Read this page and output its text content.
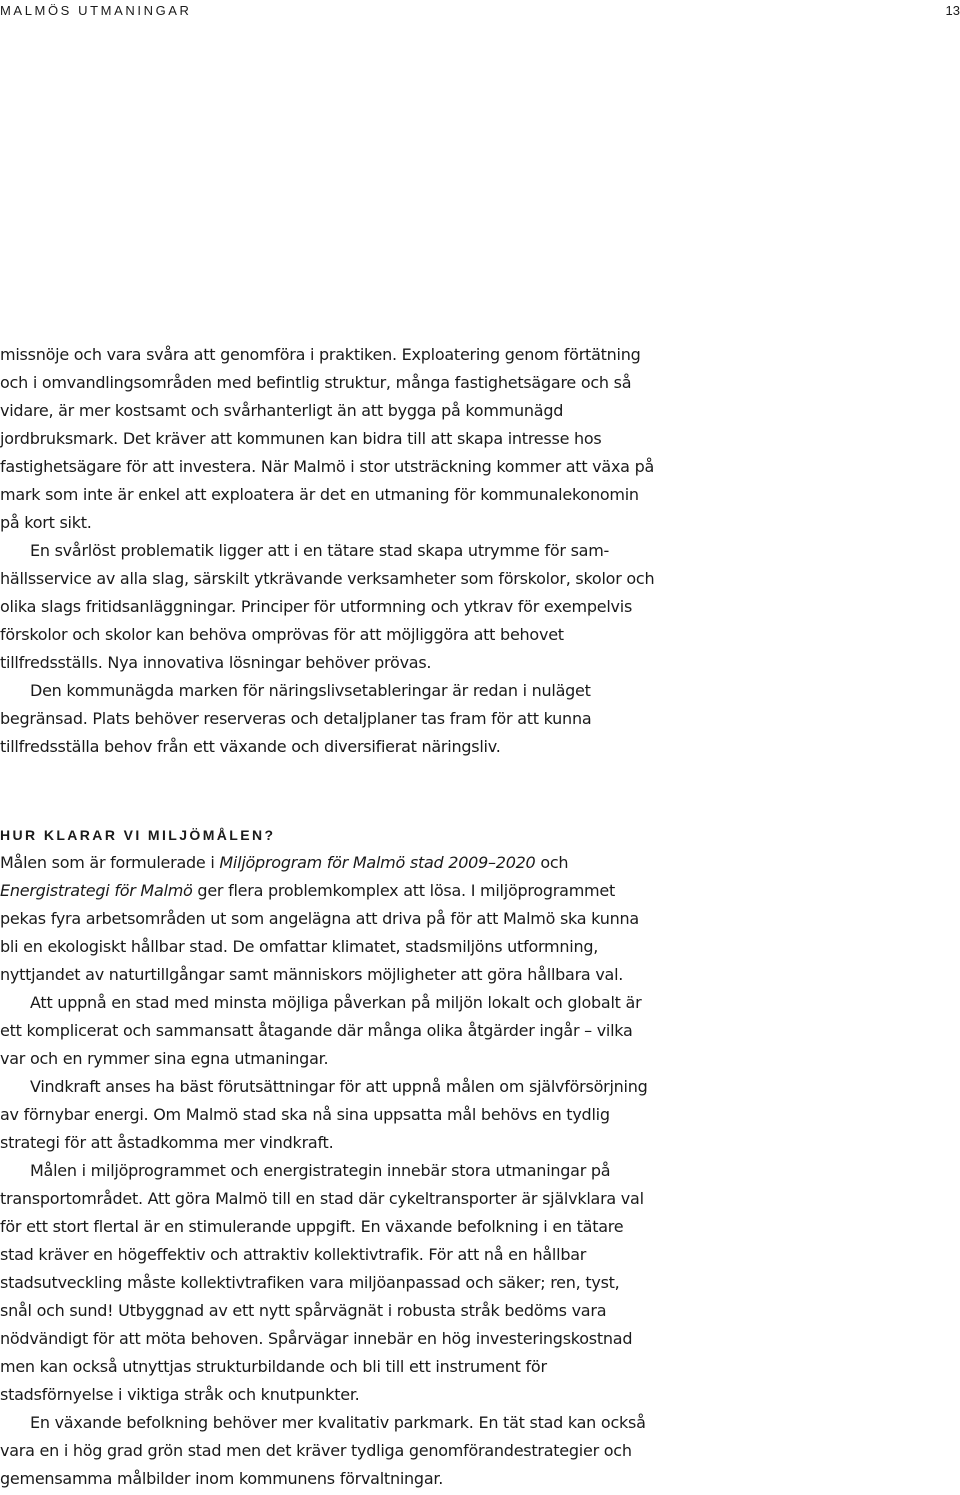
MALMÖS UTMANINGAR	13

missnöje och vara svåra att genomföra i praktiken. Exploatering genom förtätning och i omvandlingsområden med befintlig struktur, många fastighetsägare och så vidare, är mer kostsamt och svårhanterligt än att bygga på kommunägd jordbruksmark. Det kräver att kommunen kan bidra till att skapa intresse hos fastighetsägare för att investera. När Malmö i stor utsträckning kommer att växa på mark som inte är enkel att exploatera är det en utmaning för kommunalekonomin på kort sikt.

En svårlöst problematik ligger att i en tätare stad skapa utrymme för samhällsservice av alla slag, särskilt ytkrävande verksamheter som förskolor, skolor och olika slags fritidsanläggningar. Principer för utformning och ytkrav för exempelvis förskolor och skolor kan behöva omprövas för att möjliggöra att behovet tillfredsställs. Nya innovativa lösningar behöver prövas.

Den kommunägda marken för näringslivsetableringar är redan i nuläget begränsad. Plats behöver reserveras och detaljplaner tas fram för att kunna tillfredsställa behov från ett växande och diversifierat näringsliv.

HUR KLARAR VI MILJÖMÅLEN?

Målen som är formulerade i Miljöprogram för Malmö stad 2009–2020 och Energistrategi för Malmö ger flera problemkomplex att lösa. I miljöprogrammet pekas fyra arbetsområden ut som angelägna att driva på för att Malmö ska kunna bli en ekologiskt hållbar stad. De omfattar klimatet, stadsmiljöns utformning, nyttjandet av naturtillgångar samt människors möjligheter att göra hållbara val.

Att uppnå en stad med minsta möjliga påverkan på miljön lokalt och globalt är ett komplicerat och sammansatt åtagande där många olika åtgärder ingår – vilka var och en rymmer sina egna utmaningar.

Vindkraft anses ha bäst förutsättningar för att uppnå målen om självförsörjning av förnybar energi. Om Malmö stad ska nå sina uppsatta mål behövs en tydlig strategi för att åstadkomma mer vindkraft.

Målen i miljöprogrammet och energistrategin innebär stora utmaningar på transportområdet. Att göra Malmö till en stad där cykeltransporter är självklara val för ett stort flertal är en stimulerande uppgift. En växande befolkning i en tätare stad kräver en högeffektiv och attraktiv kollektivtrafik. För att nå en hållbar stadsutveckling måste kollektivtrafiken vara miljöanpassad och säker; ren, tyst, snål och sund! Utbyggnad av ett nytt spårvägnät i robusta stråk bedöms vara nödvändigt för att möta behoven. Spårvägar innebär en hög investeringskostnad men kan också utnyttjas strukturbildande och bli till ett instrument för stadsförnyelse i viktiga stråk och knutpunkter.

En växande befolkning behöver mer kvalitativ parkmark. En tät stad kan också vara en i hög grad grön stad men det kräver tydliga genomförandestrategier och gemensamma målbilder inom kommunens förvaltningar.
